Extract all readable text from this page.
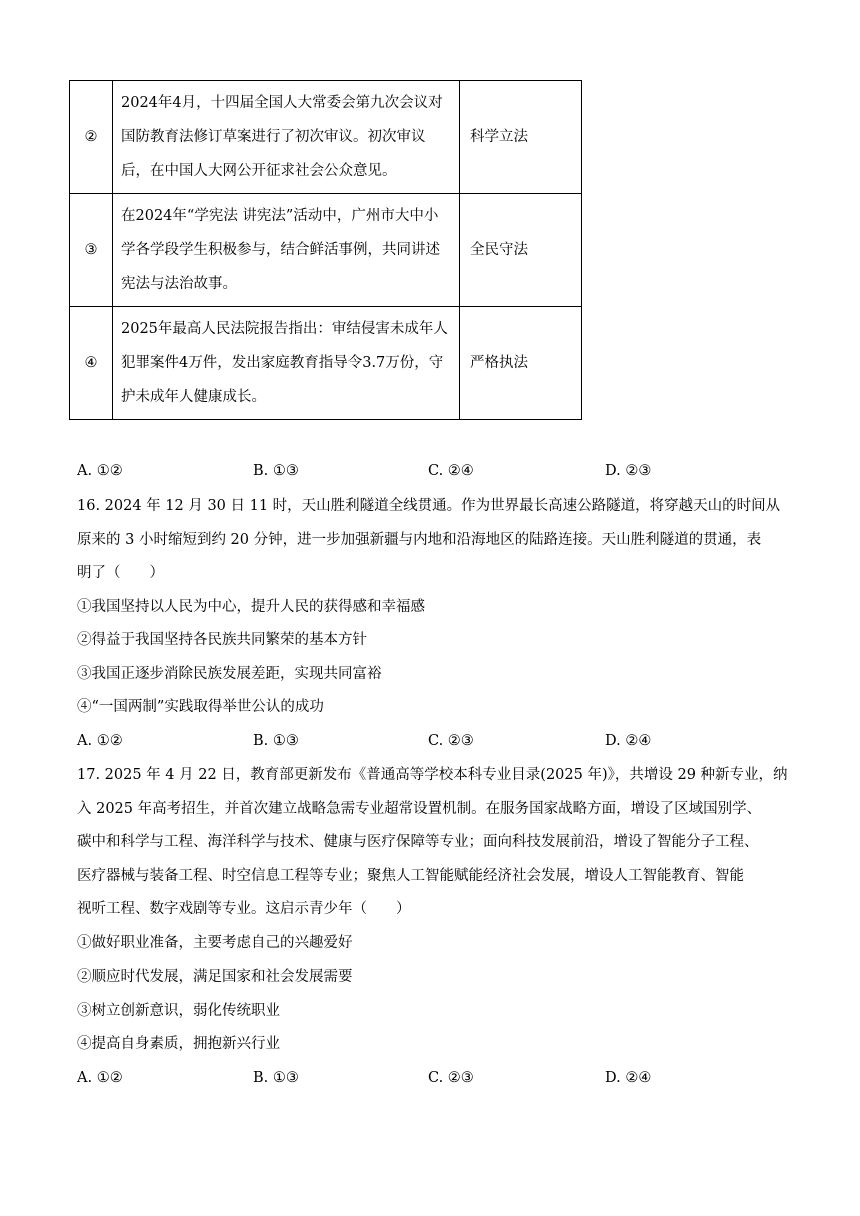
②	2024年4月，十四届全国人大常委会第九次会议对国防教育法修订草案进行了初次审议。初次审议后，在中国人大网公开征求社会公众意见。	科学立法
③	在2024年“学宪法 讲宪法”活动中，广州市大中小学各学段学生积极参与，结合鲜活事例，共同讲述宪法与法治故事。	全民守法
④	2025年最高人民法院报告指出：审结侵害未成年人犯罪案件4万件，发出家庭教育指导令3.7万份，守护未成年人健康成长。	严格执法
A. ①②	B. ①③	C. ②④	D. ②③
16. 2024 年 12 月 30 日 11 时，天山胜利隧道全线贯通。作为世界最长高速公路隧道，将穿越天山的时间从
原来的 3 小时缩短到约 20 分钟，进一步加强新疆与内地和沿海地区的陆路连接。天山胜利隧道的贯通，表
明了（　　）
①我国坚持以人民为中心，提升人民的获得感和幸福感
②得益于我国坚持各民族共同繁荣的基本方针
③我国正逐步消除民族发展差距，实现共同富裕
④“一国两制”实践取得举世公认的成功
A. ①②	B. ①③	C. ②③	D. ②④
17. 2025 年 4 月 22 日，教育部更新发布《普通高等学校本科专业目录(2025 年)》，共增设 29 种新专业，纳
入 2025 年高考招生，并首次建立战略急需专业超常设置机制。在服务国家战略方面，增设了区域国别学、
碳中和科学与工程、海洋科学与技术、健康与医疗保障等专业；面向科技发展前沿，增设了智能分子工程、
医疗器械与装备工程、时空信息工程等专业；聚焦人工智能赋能经济社会发展，增设人工智能教育、智能
视听工程、数字戏剧等专业。这启示青少年（　　）
①做好职业准备，主要考虑自己的兴趣爱好
②顺应时代发展，满足国家和社会发展需要
③树立创新意识，弱化传统职业
④提高自身素质，拥抱新兴行业
A. ①②	B. ①③	C. ②③	D. ②④
